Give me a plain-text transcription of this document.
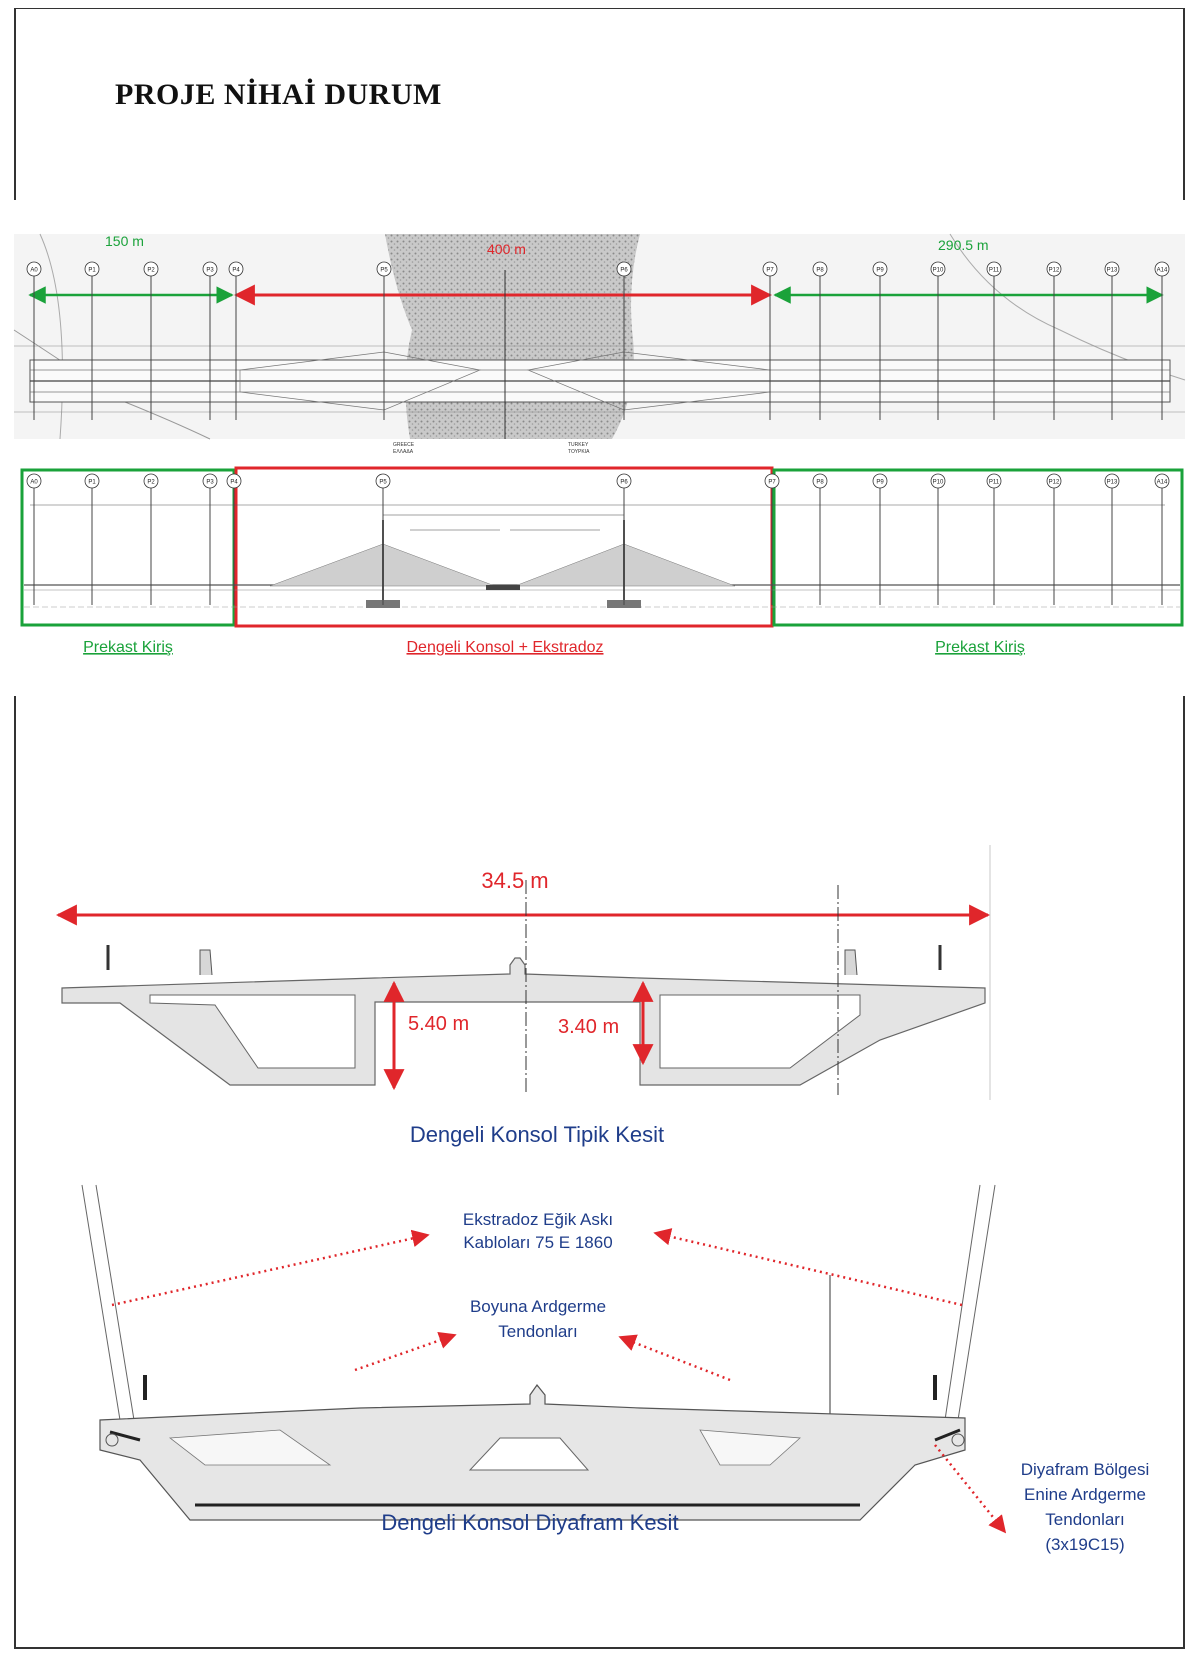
PROJE NİHAİ DURUM
150 m	400 m	290.5 m
A0	P1	P2	P3	P4	P5	P6	P7	P8	P9	P10	P11	P12	P13	A14
GREECE
ΕΛΛΑΔΑ
TURKEY
ΤΟΥΡΚΙΑ
A0	P1	P2	P3	P4	P5	P6	P7	P8	P9	P10	P11	P12	P13	A14
Prekast Kiriş	Dengeli Konsol + Ekstradoz	Prekast Kiriş
34.5 m
5.40 m	3.40 m
Dengeli Konsol Tipik Kesit
Ekstradoz Eğik Askı
Kabloları 75 E 1860
Boyuna Ardgerme
Tendonları
Diyafram Bölgesi
Enine Ardgerme
Tendonları
(3x19C15)
Dengeli Konsol Diyafram Kesit
